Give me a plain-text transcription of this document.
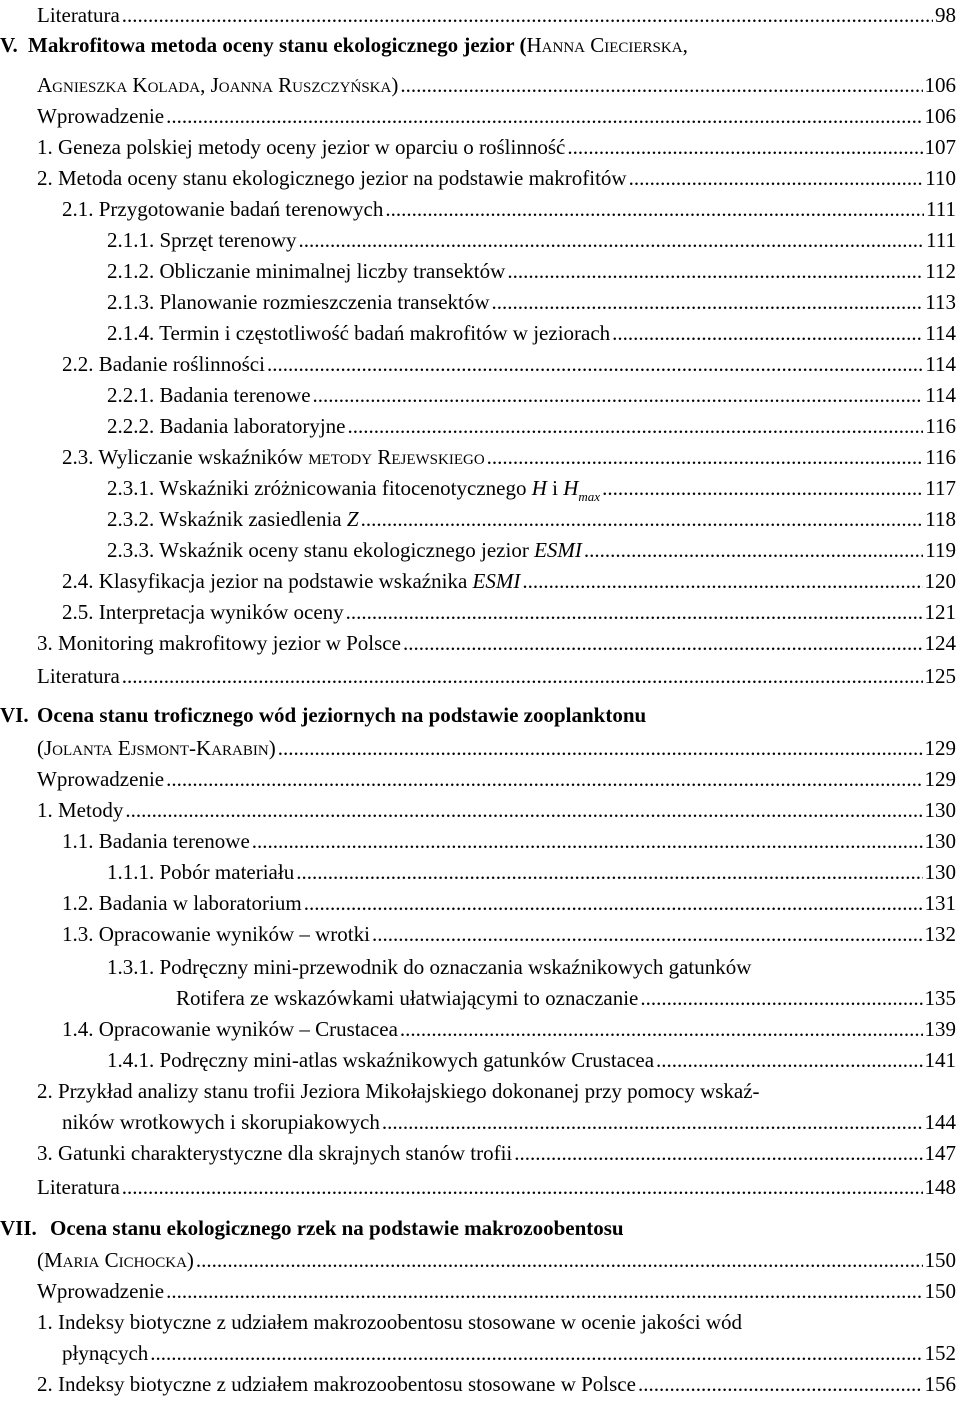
Literatura .....	98
V. Makrofitowa metoda oceny stanu ekologicznego jezior (Hanna Ciecierska,
Agnieszka Kolada, Joanna Ruszczyńska) .....	106
Wprowadzenie .....	106
1. Geneza polskiej metody oceny jezior w oparciu o roślinność .....	107
2. Metoda oceny stanu ekologicznego jezior na podstawie makrofitów .....	110
2.1. Przygotowanie badań terenowych .....	111
2.1.1. Sprzęt terenowy .....	111
2.1.2. Obliczanie minimalnej liczby transektów .....	112
2.1.3. Planowanie rozmieszczenia transektów .....	113
2.1.4. Termin i częstotliwość badań makrofitów w jeziorach .....	114
2.2. Badanie roślinności .....	114
2.2.1. Badania terenowe .....	114
2.2.2. Badania laboratoryjne .....	116
2.3. Wyliczanie wskaźników metody Rejewskiego .....	116
2.3.1. Wskaźniki zróżnicowania fitocenotycznego H i $H_{max}$ .....	117
2.3.2. Wskaźnik zasiedlenia Z .....	118
2.3.3. Wskaźnik oceny stanu ekologicznego jezior ESMI .....	119
2.4. Klasyfikacja jezior na podstawie wskaźnika ESMI .....	120
2.5. Interpretacja wyników oceny .....	121
3. Monitoring makrofitowy jezior w Polsce .....	124
Literatura .....	125
VI. Ocena stanu troficznego wód jeziornych na podstawie zooplanktonu
(Jolanta Ejsmont-Karabin) .....	129
Wprowadzenie .....	129
1. Metody .....	130
1.1. Badania terenowe .....	130
1.1.1. Pobór materiału .....	130
1.2. Badania w laboratorium .....	131
1.3. Opracowanie wyników – wrotki .....	132
1.3.1. Podręczny mini-przewodnik do oznaczania wskaźnikowych gatunków
Rotifera ze wskazówkami ułatwiającymi to oznaczanie .....	135
1.4. Opracowanie wyników – Crustacea .....	139
1.4.1. Podręczny mini-atlas wskaźnikowych gatunków Crustacea .....	141
2. Przykład analizy stanu trofii Jeziora Mikołajskiego dokonanej przy pomocy wskaź-
ników wrotkowych i skorupiakowych .....	144
3. Gatunki charakterystyczne dla skrajnych stanów trofii .....	147
Literatura .....	148
VII. Ocena stanu ekologicznego rzek na podstawie makrozoobentosu
(Maria Cichocka) .....	150
Wprowadzenie .....	150
1. Indeksy biotyczne z udziałem makrozoobentosu stosowane w ocenie jakości wód
płynących .....	152
2. Indeksy biotyczne z udziałem makrozoobentosu stosowane w Polsce .....	156
